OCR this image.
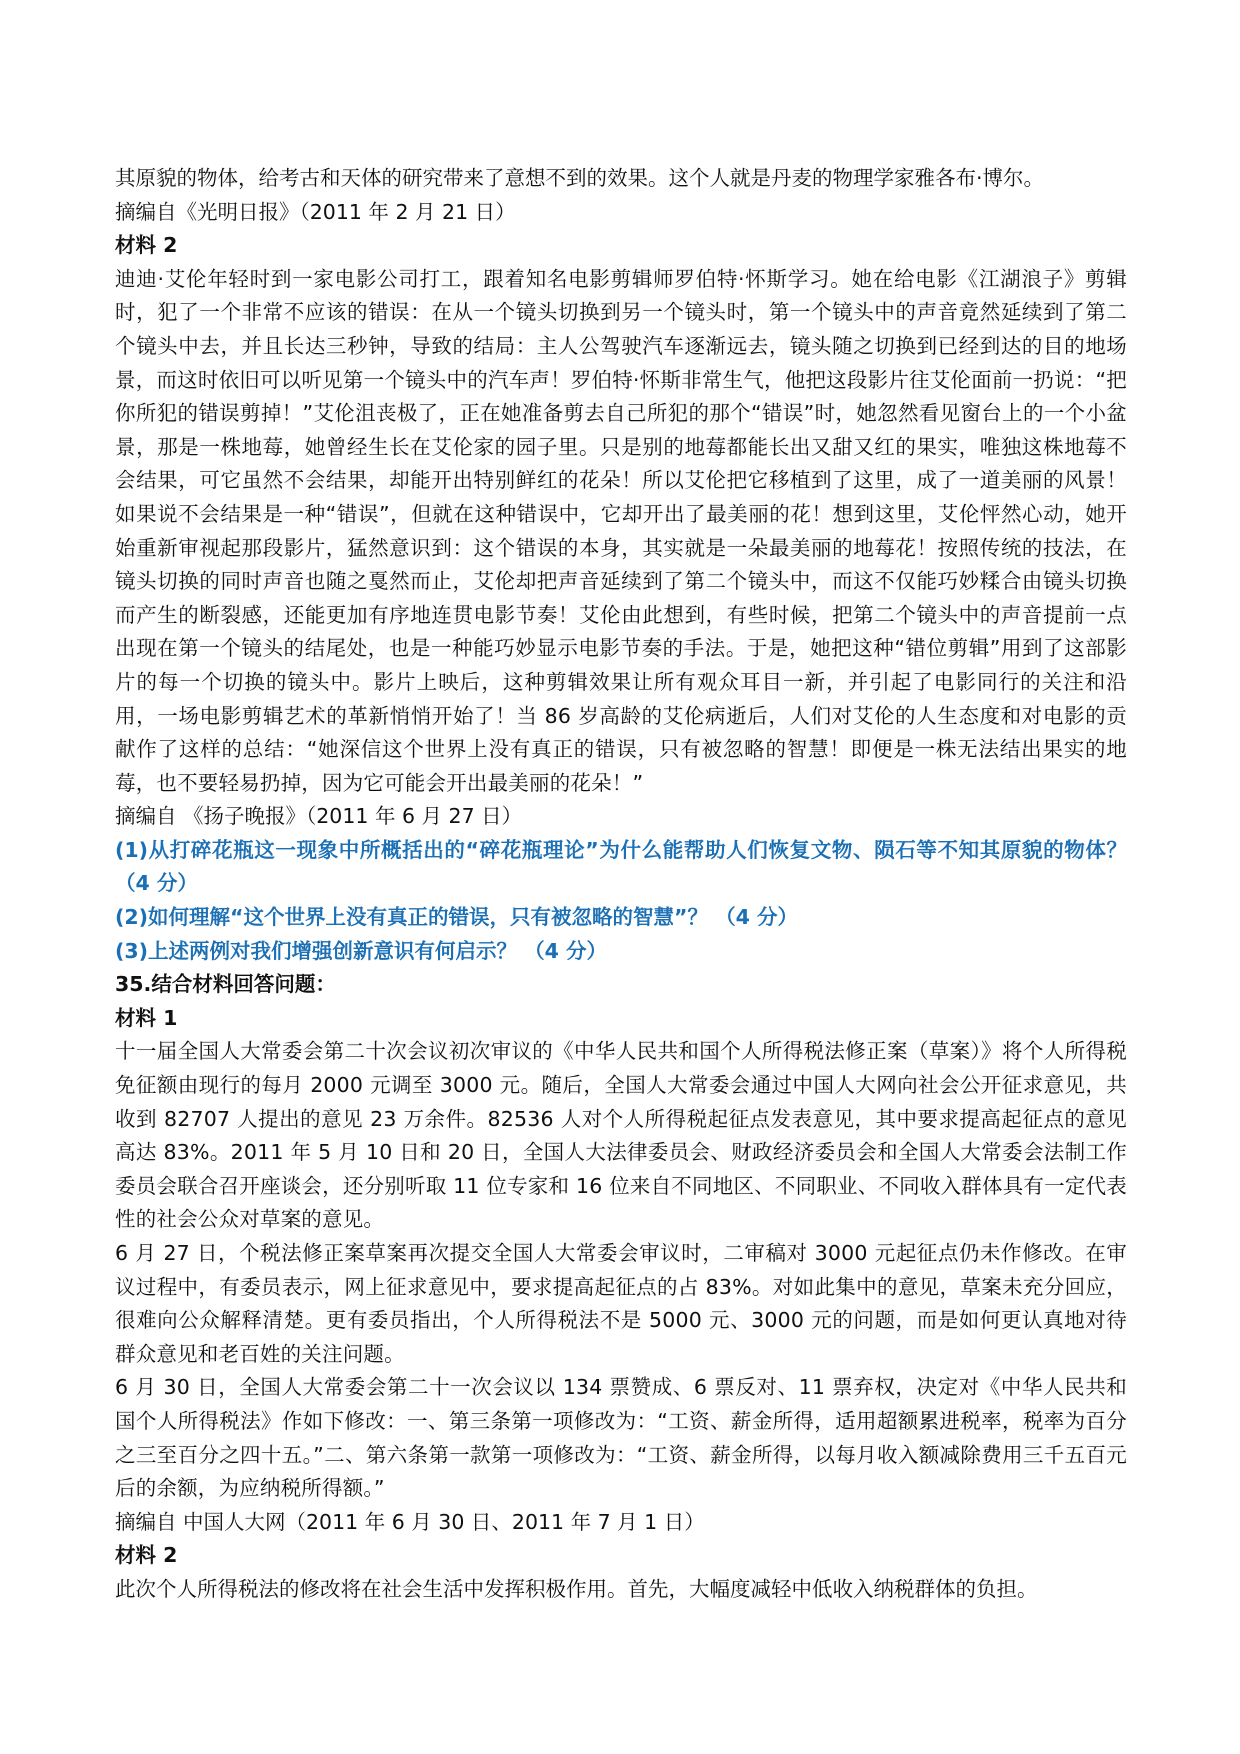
其原貌的物体，给考古和天体的研究带来了意想不到的效果。这个人就是丹麦的物理学家雅各布·博尔。

摘编自《光明日报》（2011 年 2 月 21 日）

材料 2

迪迪·艾伦年轻时到一家电影公司打工，跟着知名电影剪辑师罗伯特·怀斯学习。她在给电影《江湖浪子》剪辑时，犯了一个非常不应该的错误：在从一个镜头切换到另一个镜头时，第一个镜头中的声音竟然延续到了第二个镜头中去，并且长达三秒钟，导致的结局：主人公驾驶汽车逐渐远去，镜头随之切换到已经到达的目的地场景，而这时依旧可以听见第一个镜头中的汽车声！罗伯特·怀斯非常生气，他把这段影片往艾伦面前一扔说：“把你所犯的错误剪掉！”艾伦沮丧极了，正在她准备剪去自己所犯的那个“错误”时，她忽然看见窗台上的一个小盆景，那是一株地莓，她曾经生长在艾伦家的园子里。只是别的地莓都能长出又甜又红的果实，唯独这株地莓不会结果，可它虽然不会结果，却能开出特别鲜红的花朵！所以艾伦把它移植到了这里，成了一道美丽的风景！如果说不会结果是一种“错误”，但就在这种错误中，它却开出了最美丽的花！想到这里，艾伦怦然心动，她开始重新审视起那段影片，猛然意识到：这个错误的本身，其实就是一朵最美丽的地莓花！按照传统的技法，在镜头切换的同时声音也随之戛然而止，艾伦却把声音延续到了第二个镜头中，而这不仅能巧妙糅合由镜头切换而产生的断裂感，还能更加有序地连贯电影节奏！艾伦由此想到，有些时候，把第二个镜头中的声音提前一点出现在第一个镜头的结尾处，也是一种能巧妙显示电影节奏的手法。于是，她把这种“错位剪辑”用到了这部影片的每一个切换的镜头中。影片上映后，这种剪辑效果让所有观众耳目一新，并引起了电影同行的关注和沿用，一场电影剪辑艺术的革新悄悄开始了！当 86 岁高龄的艾伦病逝后，人们对艾伦的人生态度和对电影的贡献作了这样的总结：“她深信这个世界上没有真正的错误，只有被忽略的智慧！即便是一株无法结出果实的地莓，也不要轻易扔掉，因为它可能会开出最美丽的花朵！”

摘编自 《扬子晚报》（2011 年 6 月 27 日）

(1)从打碎花瓶这一现象中所概括出的“碎花瓶理论”为什么能帮助人们恢复文物、陨石等不知其原貌的物体？ （4 分）

(2)如何理解“这个世界上没有真正的错误，只有被忽略的智慧”？ （4 分）

(3)上述两例对我们增强创新意识有何启示？ （4 分）

35.结合材料回答问题：

材料 1

十一届全国人大常委会第二十次会议初次审议的《中华人民共和国个人所得税法修正案（草案）》将个人所得税免征额由现行的每月 2000 元调至 3000 元。随后，全国人大常委会通过中国人大网向社会公开征求意见，共收到 82707 人提出的意见 23 万余件。82536 人对个人所得税起征点发表意见，其中要求提高起征点的意见高达 83%。2011 年 5 月 10 日和 20 日，全国人大法律委员会、财政经济委员会和全国人大常委会法制工作委员会联合召开座谈会，还分别听取 11 位专家和 16 位来自不同地区、不同职业、不同收入群体具有一定代表性的社会公众对草案的意见。

6 月 27 日，个税法修正案草案再次提交全国人大常委会审议时，二审稿对 3000 元起征点仍未作修改。在审议过程中，有委员表示，网上征求意见中，要求提高起征点的占 83%。对如此集中的意见，草案未充分回应，很难向公众解释清楚。更有委员指出，个人所得税法不是 5000 元、3000 元的问题，而是如何更认真地对待群众意见和老百姓的关注问题。

6 月 30 日，全国人大常委会第二十一次会议以 134 票赞成、6 票反对、11 票弃权，决定对《中华人民共和国个人所得税法》作如下修改：一、第三条第一项修改为：“工资、薪金所得，适用超额累进税率，税率为百分之三至百分之四十五。”二、第六条第一款第一项修改为：“工资、薪金所得，以每月收入额减除费用三千五百元后的余额，为应纳税所得额。”

摘编自 中国人大网（2011 年 6 月 30 日、2011 年 7 月 1 日）

材料 2

此次个人所得税法的修改将在社会生活中发挥积极作用。首先，大幅度减轻中低收入纳税群体的负担。
